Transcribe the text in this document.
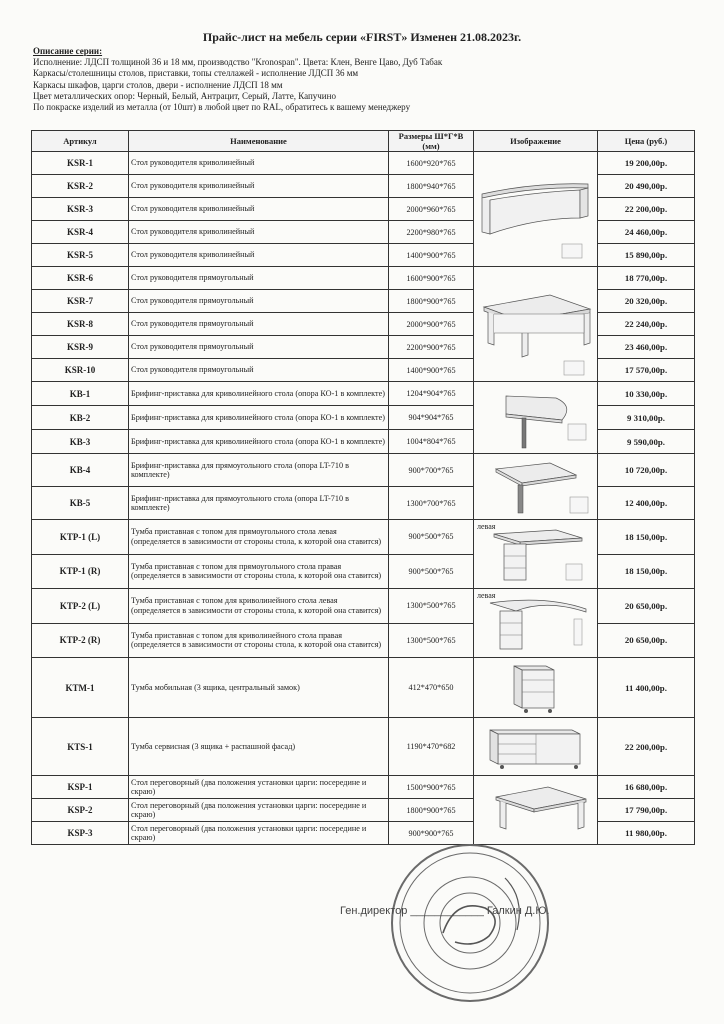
Прайс-лист на мебель серии «FIRST» Изменен 21.08.2023г.
Описание серии:
Исполнение: ЛДСП толщиной 36 и 18 мм, производство "Kronospan". Цвета: Клен, Венге Цаво, Дуб Табак
Каркасы/столешницы столов, приставки, топы стеллажей - исполнение ЛДСП 36 мм
Каркасы шкафов, царги столов, двери - исполнение ЛДСП 18 мм
Цвет металлических опор: Черный, Белый, Антрацит, Серый, Латте, Капучино
По покраске изделий из металла (от 10шт) в любой цвет по RAL, обратитесь к вашему менеджеру
Артикул	Наименование	Размеры Ш*Г*В (мм)	Изображение	Цена (руб.)
KSR-1	Стол руководителя криволинейный	1600*920*765		19 200,00р.
KSR-2	Стол руководителя криволинейный	1800*940*765		20 490,00р.
KSR-3	Стол руководителя криволинейный	2000*960*765		22 200,00р.
KSR-4	Стол руководителя криволинейный	2200*980*765		24 460,00р.
KSR-5	Стол руководителя криволинейный	1400*900*765		15 890,00р.
KSR-6	Стол руководителя прямоугольный	1600*900*765		18 770,00р.
KSR-7	Стол руководителя прямоугольный	1800*900*765		20 320,00р.
KSR-8	Стол руководителя прямоугольный	2000*900*765		22 240,00р.
KSR-9	Стол руководителя прямоугольный	2200*900*765		23 460,00р.
KSR-10	Стол руководителя прямоугольный	1400*900*765		17 570,00р.
KB-1	Брифинг-приставка для криволинейного стола (опора КО-1 в комплекте)	1204*904*765		10 330,00р.
KB-2	Брифинг-приставка для криволинейного стола (опора КО-1 в комплекте)	904*904*765		9 310,00р.
KB-3	Брифинг-приставка для криволинейного стола (опора КО-1 в комплекте)	1004*804*765		9 590,00р.
KB-4	Брифинг-приставка для прямоугольного стола (опора LT-710 в комплекте)	900*700*765		10 720,00р.
KB-5	Брифинг-приставка для прямоугольного стола (опора LT-710 в комплекте)	1300*700*765		12 400,00р.
KTP-1 (L)	Тумба приставная с топом для прямоугольного стола левая (определяется в зависимости от стороны стола, к которой она ставится)	900*500*765	левая	18 150,00р.
KTP-1 (R)	Тумба приставная с топом для прямоугольного стола правая (определяется в зависимости от стороны стола, к которой она ставится)	900*500*765		18 150,00р.
KTP-2 (L)	Тумба приставная с топом для криволинейного стола левая (определяется в зависимости от стороны стола, к которой она ставится)	1300*500*765	левая	20 650,00р.
KTP-2 (R)	Тумба приставная с топом для криволинейного стола правая (определяется в зависимости от стороны стола, к которой она ставится)	1300*500*765		20 650,00р.
KTM-1	Тумба мобильная (3 ящика, центральный замок)	412*470*650		11 400,00р.
KTS-1	Тумба сервисная (3 ящика + распашной фасад)	1190*470*682		22 200,00р.
KSP-1	Стол переговорный (два положения установки царги: посередине и скраю)	1500*900*765		16 680,00р.
KSP-2	Стол переговорный (два положения установки царги: посередине и скраю)	1800*900*765		17 790,00р.
KSP-3	Стол переговорный (два положения установки царги: посередине и скраю)	900*900*765		11 980,00р.
Ген.директор ____________ Галкин Д.Ю.
